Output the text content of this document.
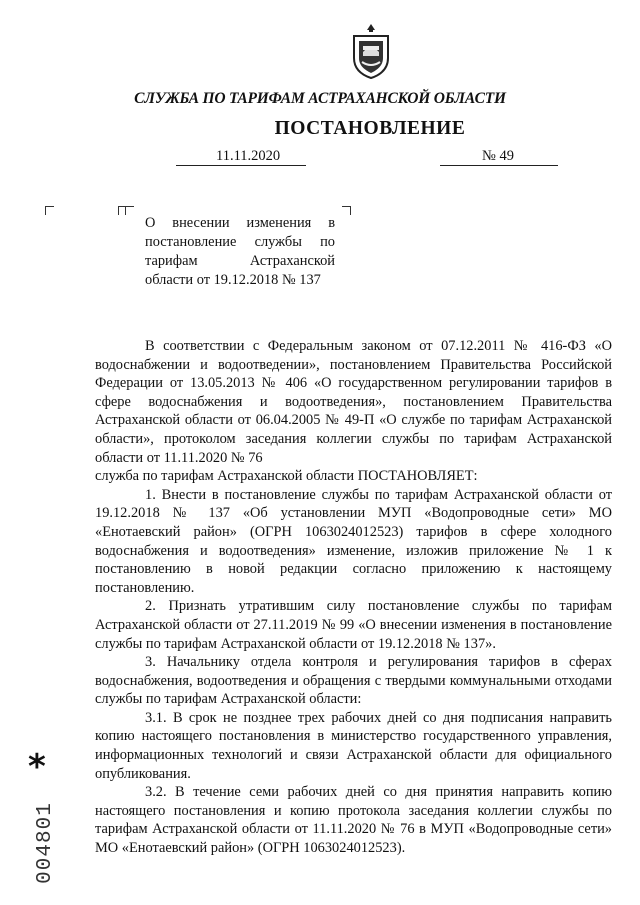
СЛУЖБА ПО ТАРИФАМ АСТРАХАНСКОЙ ОБЛАСТИ
ПОСТАНОВЛЕНИЕ
11.11.2020	№ 49
О внесении изменения в постановление службы по тарифам Астраханской области от 19.12.2018 № 137

В соответствии с Федеральным законом от 07.12.2011 № 416-ФЗ «О водоснабжении и водоотведении», постановлением Правительства Российской Федерации от 13.05.2013 № 406 «О государственном регулировании тарифов в сфере водоснабжения и водоотведения», постановлением Правительства Астраханской области от 06.04.2005 № 49-П «О службе по тарифам Астраханской области», протоколом заседания коллегии службы по тарифам Астраханской области от 11.11.2020 № 76

служба по тарифам Астраханской области ПОСТАНОВЛЯЕТ:

1. Внести в постановление службы по тарифам Астраханской области от 19.12.2018 № 137 «Об установлении МУП «Водопроводные сети» МО «Енотаевский район» (ОГРН 1063024012523) тарифов в сфере холодного водоснабжения и водоотведения» изменение, изложив приложение № 1 к постановлению в новой редакции согласно приложению к настоящему постановлению.

2. Признать утратившим силу постановление службы по тарифам Астраханской области от 27.11.2019 № 99 «О внесении изменения в постановление службы по тарифам Астраханской области от 19.12.2018 № 137».

3. Начальнику отдела контроля и регулирования тарифов в сферах водоснабжения, водоотведения и обращения с твердыми коммунальными отходами службы по тарифам Астраханской области:

3.1. В срок не позднее трех рабочих дней со дня подписания направить копию настоящего постановления в министерство государственного управления, информационных технологий и связи Астраханской области для официального опубликования.

3.2. В течение семи рабочих дней со дня принятия направить копию настоящего постановления и копию протокола заседания коллегии службы по тарифам Астраханской области от 11.11.2020 № 76 в МУП «Водопроводные сети» МО «Енотаевский район» (ОГРН 1063024012523).

*
004801
